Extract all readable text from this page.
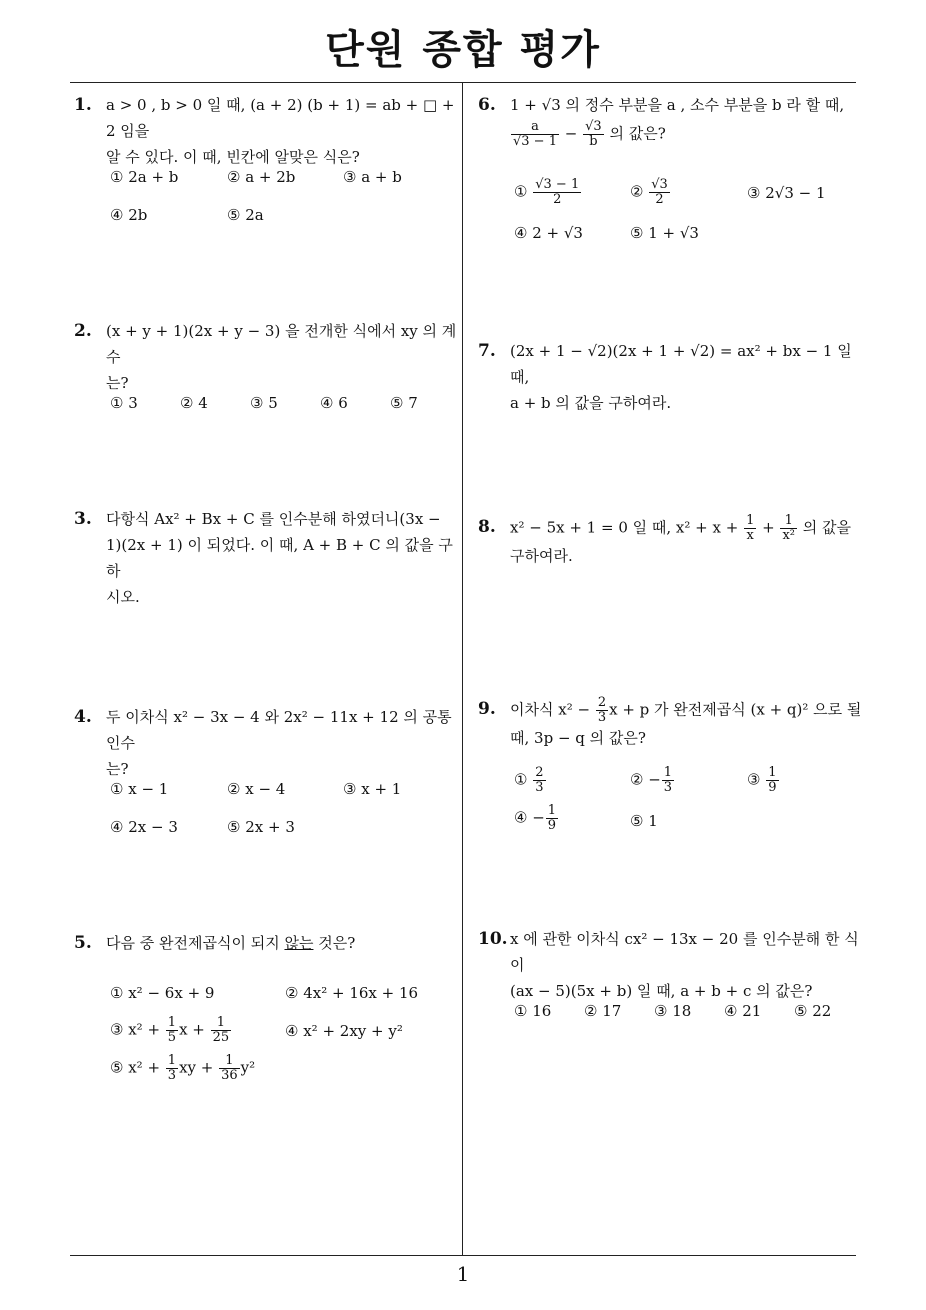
단원 종합 평가
1
1. a > 0 , b > 0 일 때, (a + 2) (b + 1) = ab + □ + 2 임을
알 수 있다. 이 때, 빈칸에 알맞은 식은?
① 2a + b	② a + 2b	③ a + b
④ 2b	⑤ 2a
2. (x + y + 1)(2x + y − 3) 을 전개한 식에서 xy 의 계수
는?
① 3	② 4	③ 5	④ 6	⑤ 7
3. 다항식 Ax² + Bx + C 를 인수분해 하였더니(3x −
1)(2x + 1) 이 되었다. 이 때, A + B + C 의 값을 구하
시오.
4. 두 이차식 x² − 3x − 4 와 2x² − 11x + 12 의 공통인수
는?
① x − 1	② x − 4	③ x + 1
④ 2x − 3	⑤ 2x + 3
5. 다음 중 완전제곱식이 되지 않는 것은?
① x² − 6x + 9	② 4x² + 16x + 16
③ $x^2 + \frac{1}{5}$ $x + \frac{1}{25}$	④ x² + 2xy + y²
⑤ $x^2 + \frac{1}{3}$ xy + $\frac{1}{36} y^2$
6. 1 + √3 의 정수 부분을 a , 소수 부분을 b 라 할 때,
$\frac{a}{√3 - 1} - \frac{√3}{b}$ 의 값은?
① $\frac{√3 - 1}{2}$	② $\frac{√3}{2}$	③ 2√3 − 1
④ 2 + √3	⑤ 1 + √3
7. (2x + 1 − √2)(2x + 1 + √2) = ax² + bx − 1 일 때,
a + b 의 값을 구하여라.
8. x² − 5x + 1 = 0 일 때, $x^2 + x + \frac{1}{x} + \frac{1}{\text{x²}}$ 의 값을
구하여라.
9. 이차식 $x^2 - \frac{2}{3}$ x + p 가 완전제곱식 (x + q)² 으로 될
때, 3p − q 의 값은?
① $\frac{2}{3}$	② − $\frac{1}{3}$	③ $\frac{1}{9}$
④ − $\frac{1}{9}$	⑤ 1
10. x 에 관한 이차식 cx² − 13x − 20 를 인수분해 한 식이
(ax − 5)(5x + b) 일 때, a + b + c 의 값은?
① 16 ② 17 ③ 18 ④ 21 ⑤ 22
